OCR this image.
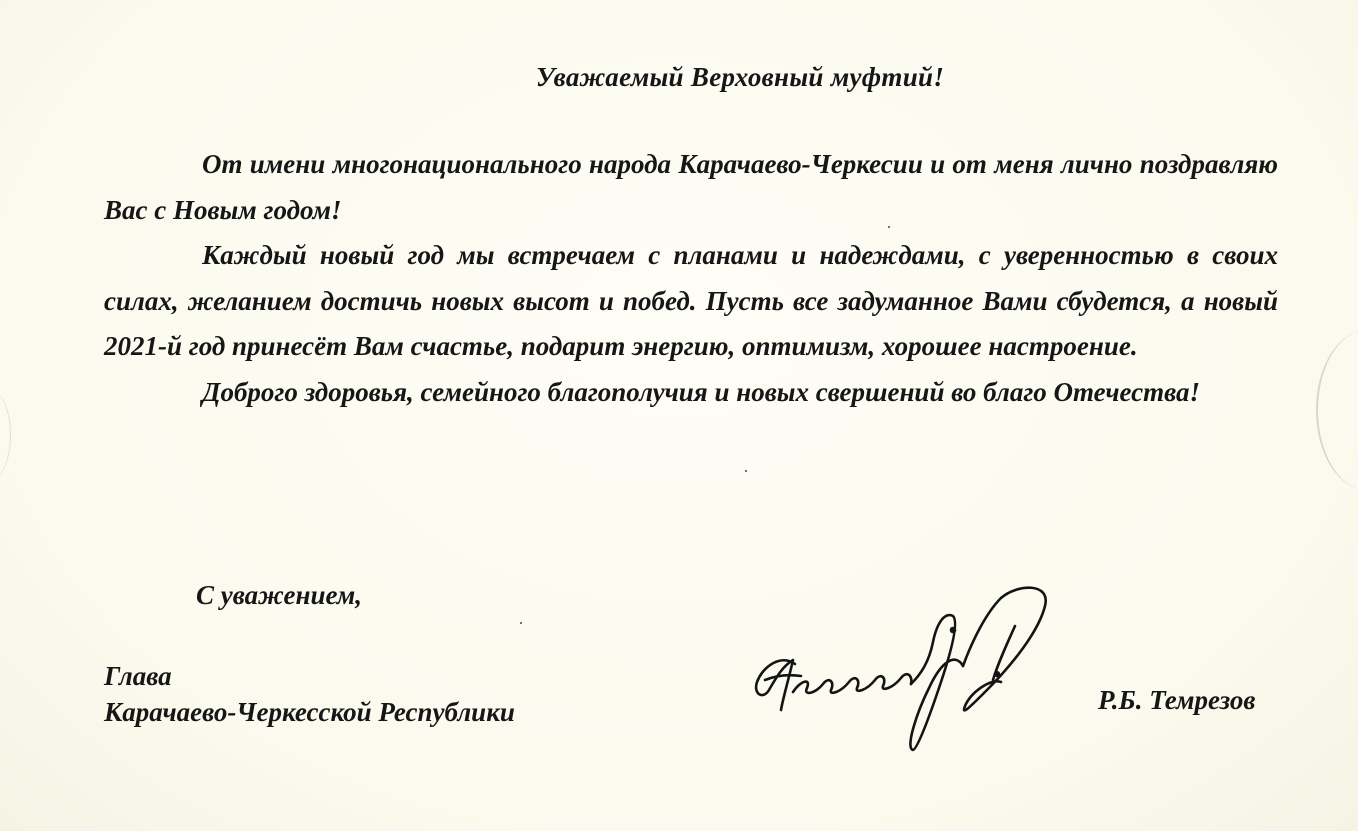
Уважаемый Верховный муфтий!

От имени многонационального народа Карачаево-Черкесии и от меня лично поздравляю Вас с Новым годом!

Каждый новый год мы встречаем с планами и надеждами, с уверенностью в своих силах, желанием достичь новых высот и побед. Пусть все задуманное Вами сбудется, а новый 2021-й год принесёт Вам счастье, подарит энергию, оптимизм, хорошее настроение.

Доброго здоровья, семейного благополучия и новых свершений во благо Отечества!

С уважением,
Глава
Карачаево-Черкесской Республики	Р.Б. Темрезов
